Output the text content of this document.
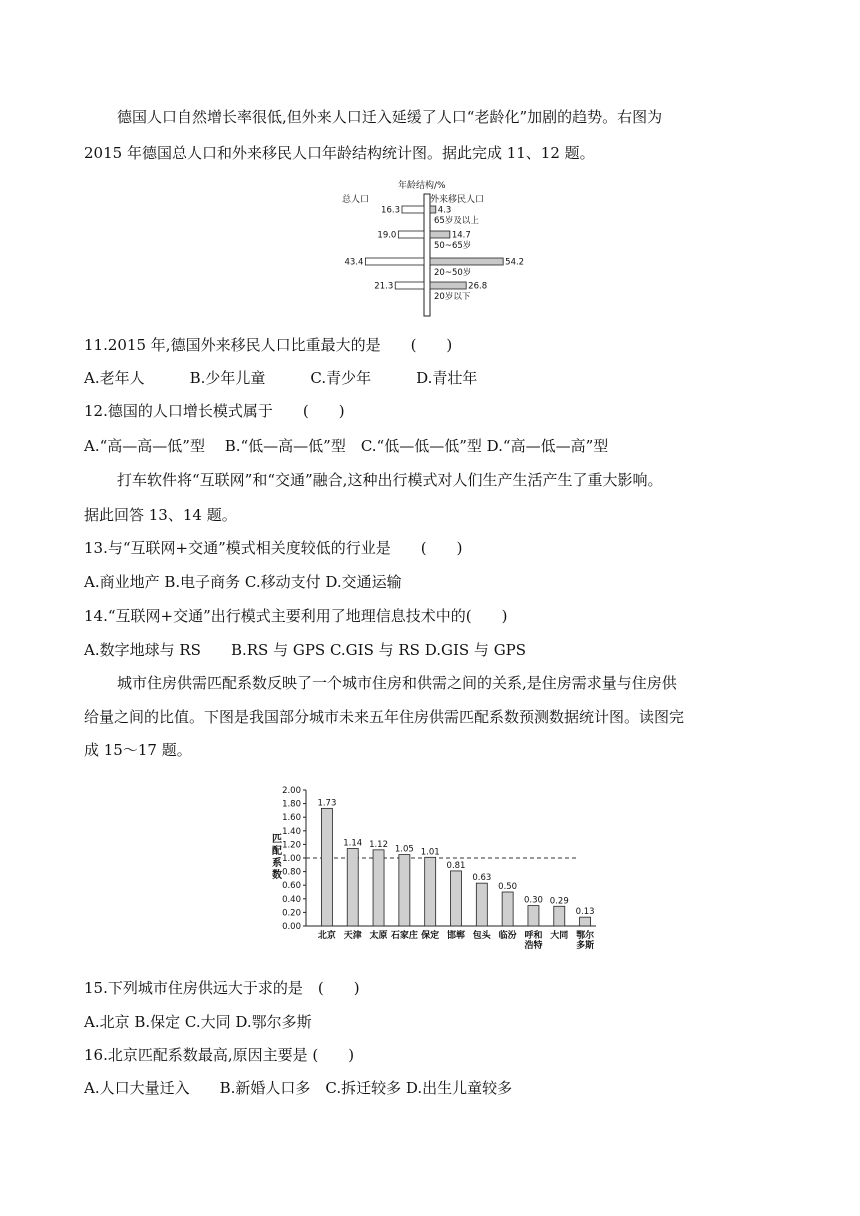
德国人口自然增长率很低,但外来人口迁入延缓了人口“老龄化”加剧的趋势。右图为
2015 年德国总人口和外来移民人口年龄结构统计图。据此完成 11、12 题。
年龄结构/%
总人口	外来移民人口
16.3	4.3
65岁及以上
19.0	14.7
50~65岁
43.4	54.2
20~50岁
21.3	26.8
20岁以下
11.2015 年,德国外来移民人口比重最大的是　　(　　)
A.老年人　　　B.少年儿童　　　C.青少年　　　D.青壮年
12.德国的人口增长模式属于　　(　　)
A.“高—高—低”型　 B.“低—高—低”型　C.“低—低—低”型 D.“高—低—高”型
打车软件将“互联网”和“交通”融合,这种出行模式对人们生产生活产生了重大影响。
据此回答 13、14 题。
13.与“互联网+交通”模式相关度较低的行业是　　(　　)
A.商业地产 B.电子商务 C.移动支付 D.交通运输
14.“互联网+交通”出行模式主要利用了地理信息技术中的(　　)
A.数字地球与 RS　　B.RS 与 GPS C.GIS 与 RS D.GIS 与 GPS
城市住房供需匹配系数反映了一个城市住房和供需之间的关系,是住房需求量与住房供
给量之间的比值。下图是我国部分城市未来五年住房供需匹配系数预测数据统计图。读图完
成 15～17 题。
0.00
0.20
0.40
0.60
0.80
1.00
1.20
1.40
1.60
1.80
2.00
匹配系数
1.73
北京
1.14
天津
1.12
太原
1.05
石家庄
1.01
保定
0.81
邯郸
0.63
包头
0.50
临汾
0.30
呼和浩特
0.29
大同
0.13
鄂尔多斯
15.下列城市住房供远大于求的是　(　　)
A.北京 B.保定 C.大同 D.鄂尔多斯
16.北京匹配系数最高,原因主要是 (　　)
A.人口大量迁入　　B.新婚人口多　C.拆迁较多 D.出生儿童较多
